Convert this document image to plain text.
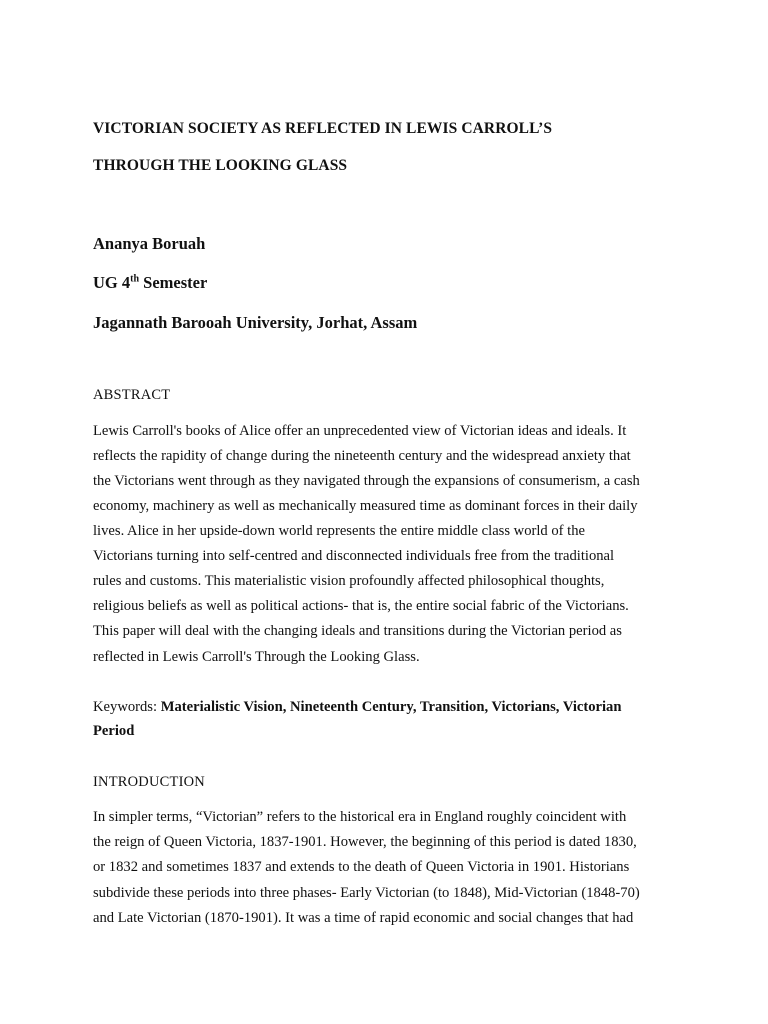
VICTORIAN SOCIETY AS REFLECTED IN LEWIS CARROLL’S
THROUGH THE LOOKING GLASS
Ananya Boruah
UG 4th Semester
Jagannath Barooah University, Jorhat, Assam
ABSTRACT
Lewis Carroll's books of Alice offer an unprecedented view of Victorian ideas and ideals. It
reflects the rapidity of change during the nineteenth century and the widespread anxiety that
the Victorians went through as they navigated through the expansions of consumerism, a cash
economy, machinery as well as mechanically measured time as dominant forces in their daily
lives. Alice in her upside-down world represents the entire middle class world of the
Victorians turning into self-centred and disconnected individuals free from the traditional
rules and customs. This materialistic vision profoundly affected philosophical thoughts,
religious beliefs as well as political actions- that is, the entire social fabric of the Victorians.
This paper will deal with the changing ideals and transitions during the Victorian period as
reflected in Lewis Carroll's Through the Looking Glass.
Keywords: Materialistic Vision, Nineteenth Century, Transition, Victorians, Victorian
Period
INTRODUCTION
In simpler terms, “Victorian” refers to the historical era in England roughly coincident with
the reign of Queen Victoria, 1837-1901. However, the beginning of this period is dated 1830,
or 1832 and sometimes 1837 and extends to the death of Queen Victoria in 1901. Historians
subdivide these periods into three phases- Early Victorian (to 1848), Mid-Victorian (1848-70)
and Late Victorian (1870-1901). It was a time of rapid economic and social changes that had
